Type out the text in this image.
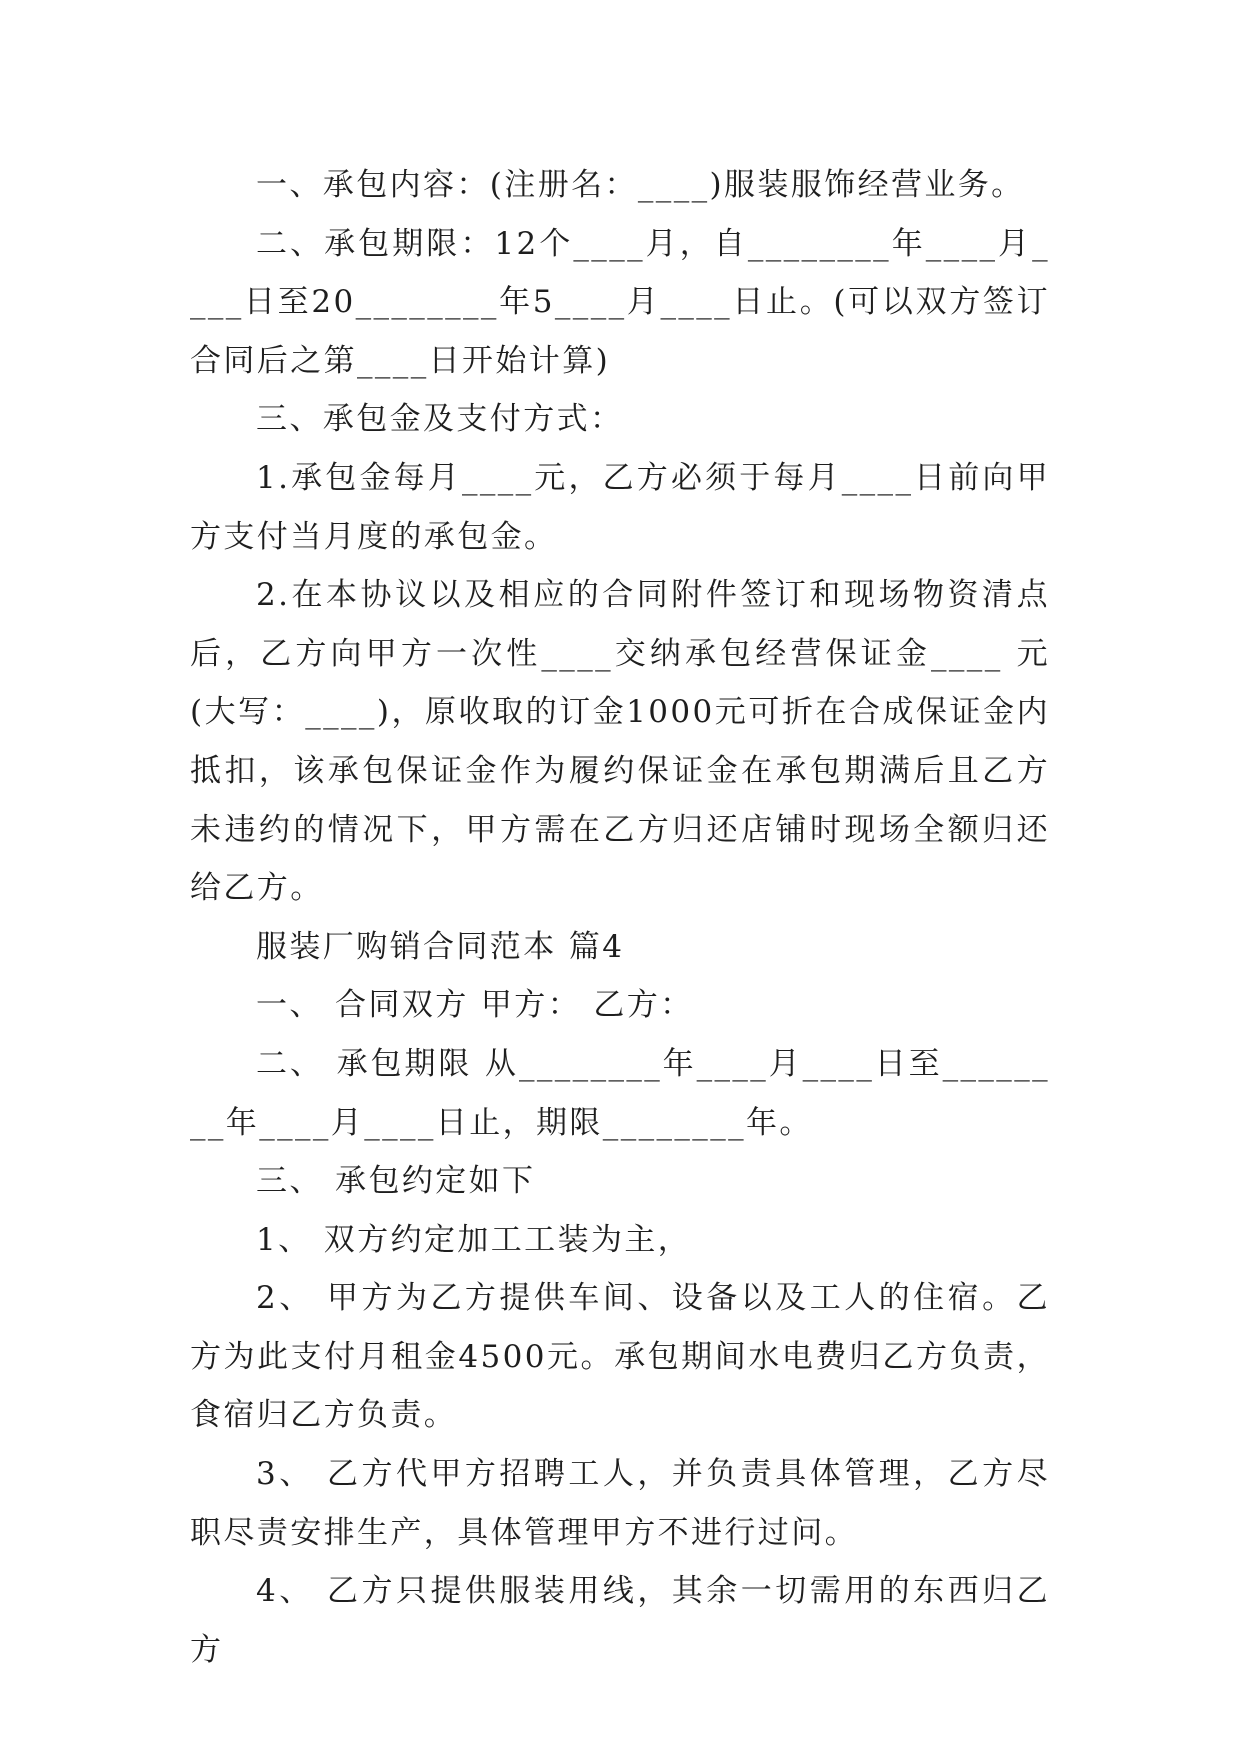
一、承包内容：(注册名：____)服装服饰经营业务。

二、承包期限：12个____月，自________年____月____日至20________年5____月____日止。(可以双方签订合同后之第____日开始计算)

三、承包金及支付方式：

1.承包金每月____元，乙方必须于每月____日前向甲方支付当月度的承包金。

2.在本协议以及相应的合同附件签订和现场物资清点后，乙方向甲方一次性____交纳承包经营保证金____ 元(大写：____)，原收取的订金1000元可折在合成保证金内抵扣，该承包保证金作为履约保证金在承包期满后且乙方未违约的情况下，甲方需在乙方归还店铺时现场全额归还给乙方。

服装厂购销合同范本 篇4

一、 合同双方 甲方： 乙方：

二、 承包期限 从________年____月____日至________年____月____日止，期限________年。

三、 承包约定如下

1、 双方约定加工工装为主，

2、 甲方为乙方提供车间、设备以及工人的住宿。乙方为此支付月租金4500元。承包期间水电费归乙方负责，食宿归乙方负责。

3、 乙方代甲方招聘工人，并负责具体管理，乙方尽职尽责安排生产，具体管理甲方不进行过问。

4、 乙方只提供服装用线，其余一切需用的东西归乙方
